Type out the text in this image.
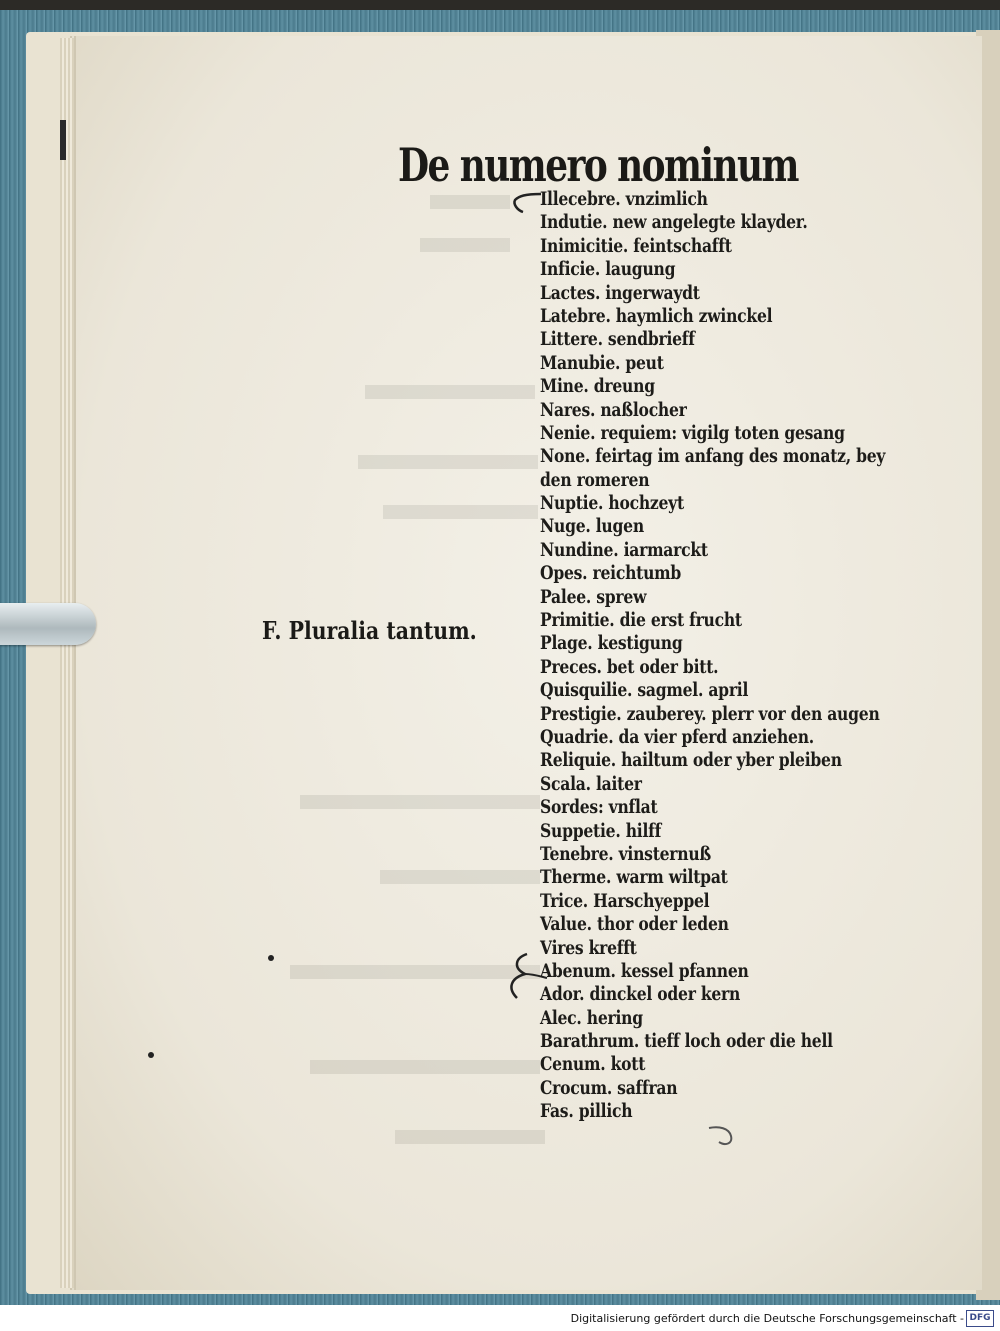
De numero nominum
F. Pluralia tantum.
Illecebre. vnzimlich
Indutie. new angelegte klayder.
Inimicitie. feintschafft
Inficie. laugung
Lactes. ingerwaydt
Latebre. haymlich zwinckel
Littere. sendbrieff
Manubie. peut
Mine. dreung
Nares. naßlocher
Nenie. requiem: vigilg toten gesang
None. feirtag im anfang des monatz, bey
den romeren
Nuptie. hochzeyt
Nuge. lugen
Nundine. iarmarckt
Opes. reichtumb
Palee. sprew
Primitie. die erst frucht
Plage. kestigung
Preces. bet oder bitt.
Quisquilie. sagmel. april
Prestigie. zauberey. plerr vor den augen
Quadrie. da vier pferd anziehen.
Reliquie. hailtum oder yber pleiben
Scala. laiter
Sordes: vnflat
Suppetie. hilff
Tenebre. vinsternuß
Therme. warm wiltpat
Trice. Harschyeppel
Value. thor oder leden
Vires krefft
Abenum. kessel pfannen
Ador. dinckel oder kern
Alec. hering
Barathrum. tieff loch oder die hell
Cenum. kott
Crocum. saffran
Fas. pillich
Digitalisierung gefördert durch die Deutsche Forschungsgemeinschaft - DFG
